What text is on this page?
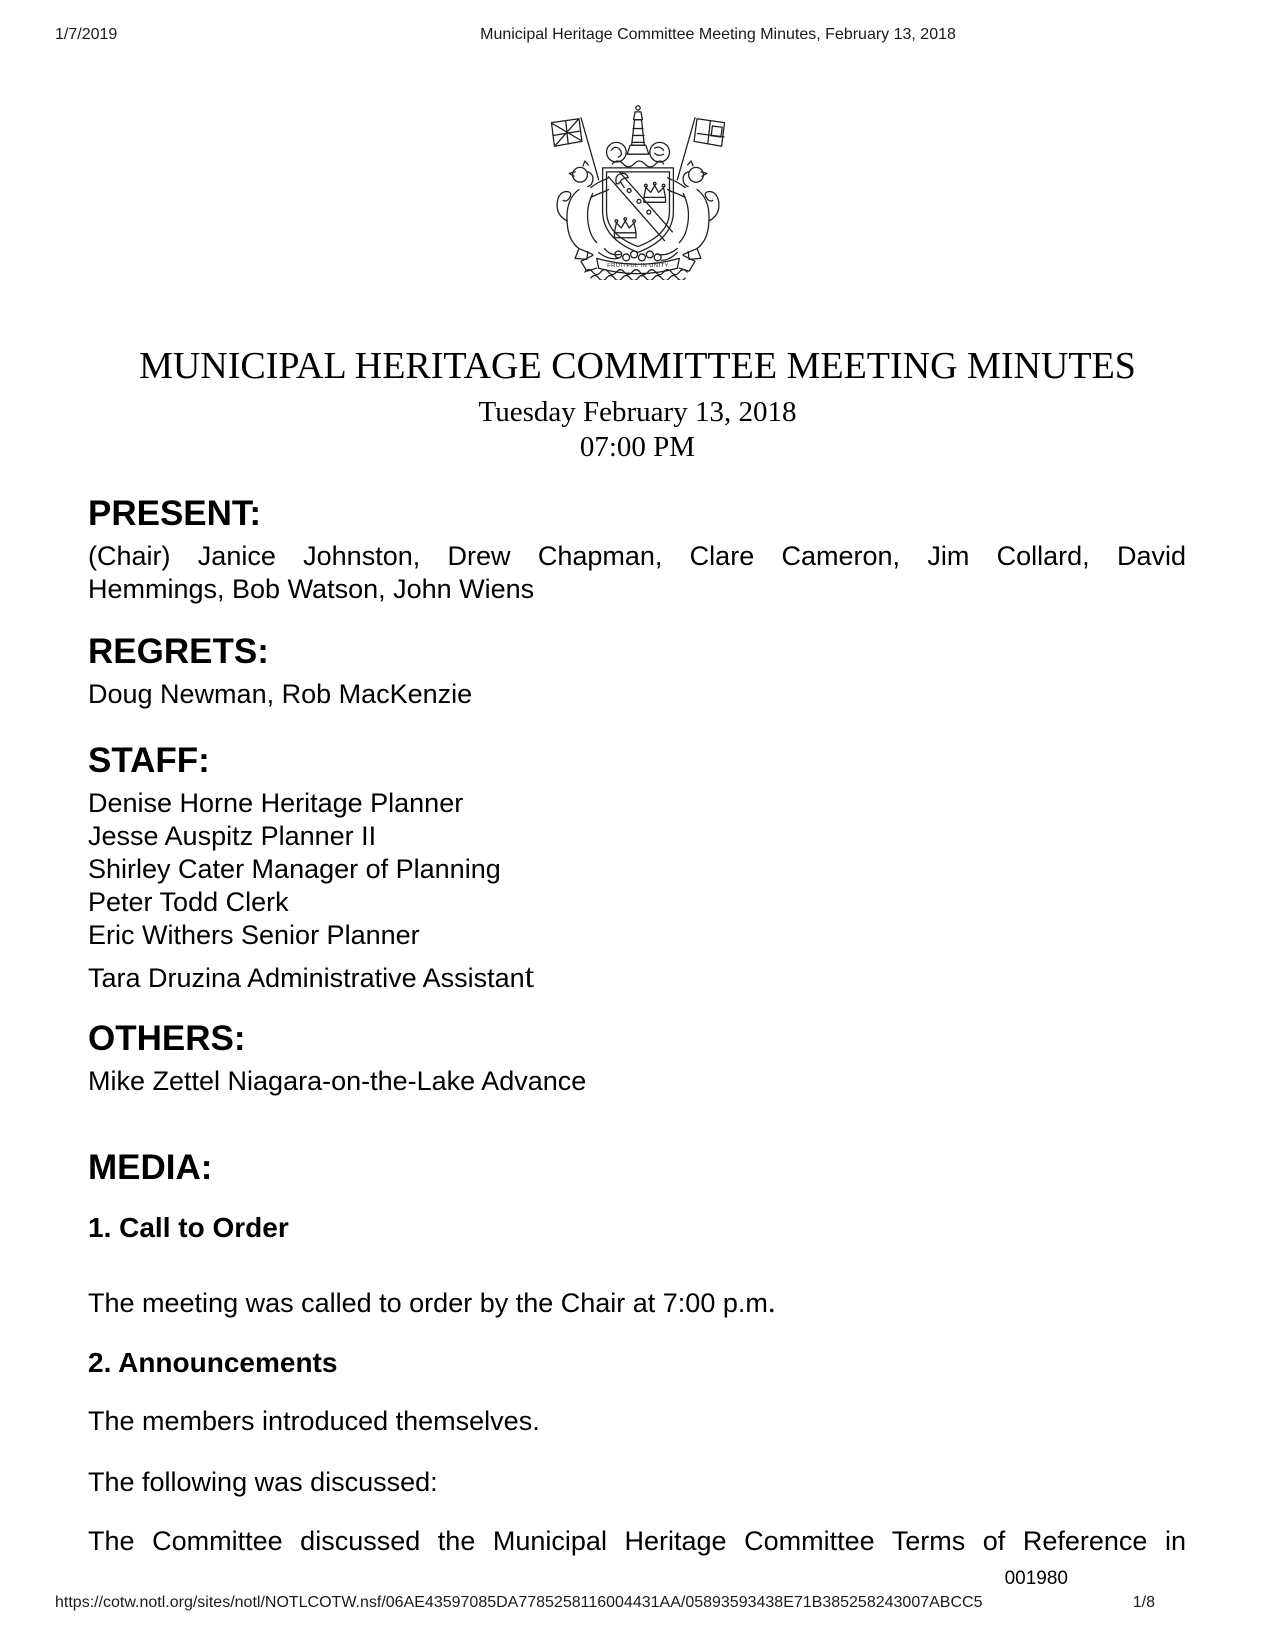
1/7/2019	Municipal Heritage Committee Meeting Minutes, February 13, 2018
FRUITFUL IN UNITY
MUNICIPAL HERITAGE COMMITTEE MEETING MINUTES
Tuesday February 13, 2018
07:00 PM
PRESENT:
(Chair) Janice Johnston, Drew Chapman, Clare Cameron, Jim Collard, David
Hemmings, Bob Watson, John Wiens
REGRETS:
Doug Newman, Rob MacKenzie
STAFF:
Denise Horne Heritage Planner
Jesse Auspitz Planner II
Shirley Cater Manager of Planning
Peter Todd Clerk
Eric Withers Senior Planner
Tara Druzina Administrative Assistant
OTHERS:
Mike Zettel Niagara-on-the-Lake Advance
MEDIA:
1. Call to Order
The meeting was called to order by the Chair at 7:00 p.m.
2. Announcements
The members introduced themselves.
The following was discussed:
The Committee discussed the Municipal Heritage Committee Terms of Reference in
001980
https://cotw.notl.org/sites/notl/NOTLCOTW.nsf/06AE43597085DA7785258116004431AA/05893593438E71B385258243007ABCC5	1/8
